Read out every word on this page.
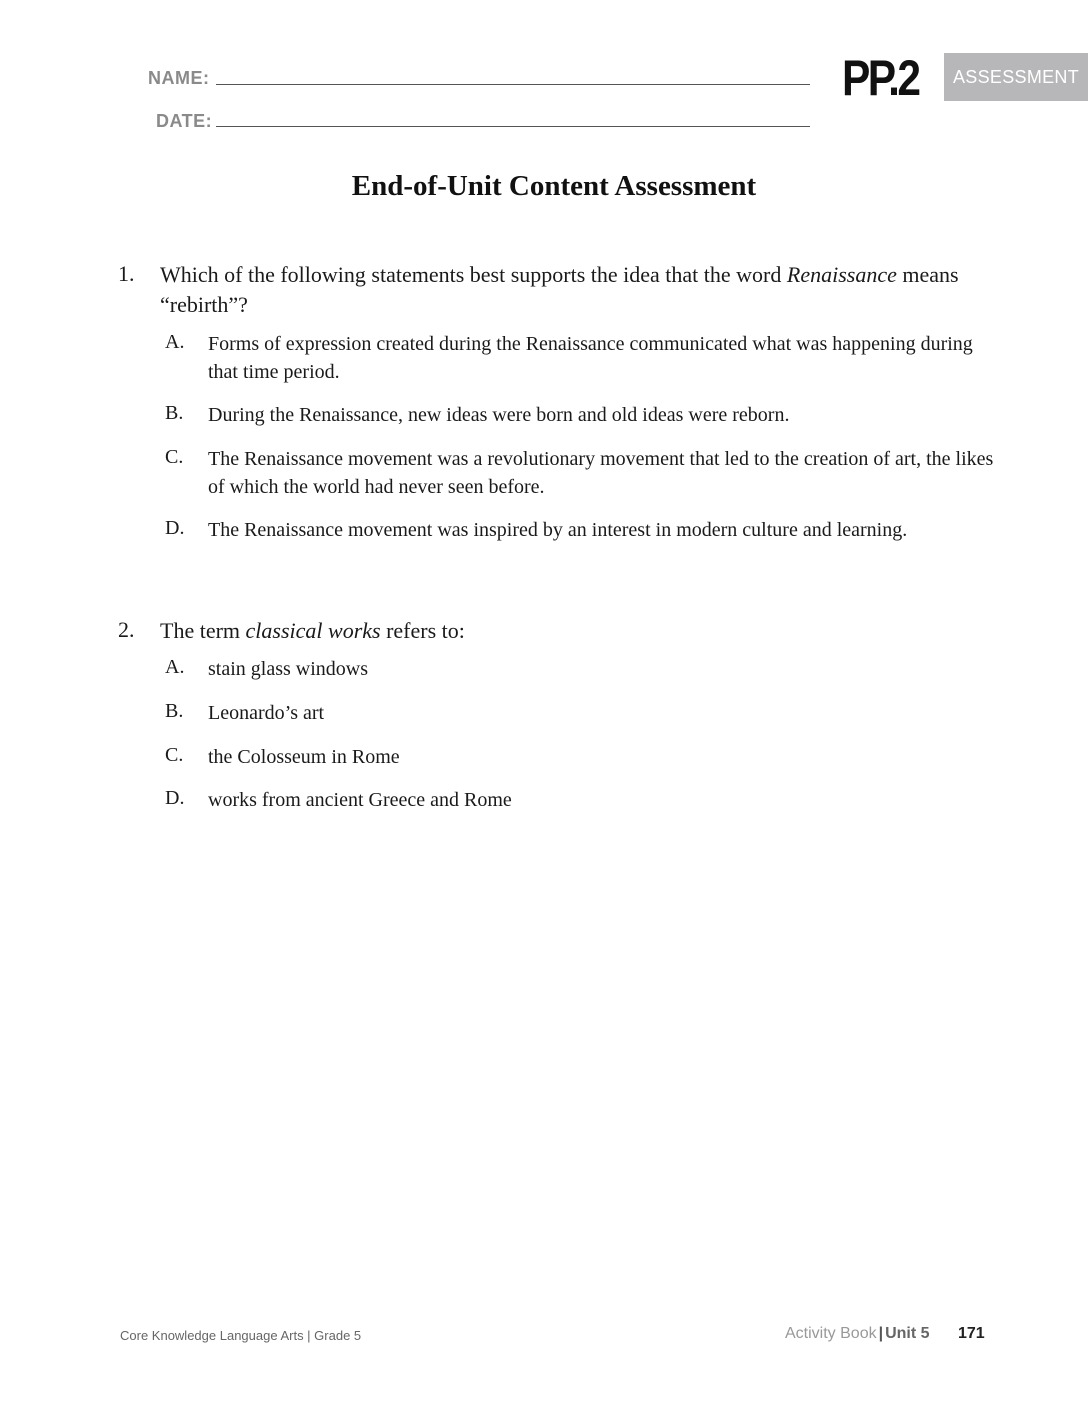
NAME:
DATE:
PP.2	ASSESSMENT
End-of-Unit Content Assessment
1. Which of the following statements best supports the idea that the word Renaissance means “rebirth”?
A. Forms of expression created during the Renaissance communicated what was happening during that time period.
B. During the Renaissance, new ideas were born and old ideas were reborn.
C. The Renaissance movement was a revolutionary movement that led to the creation of art, the likes of which the world had never seen before.
D. The Renaissance movement was inspired by an interest in modern culture and learning.
2. The term classical works refers to:
A. stain glass windows
B. Leonardo’s art
C. the Colosseum in Rome
D. works from ancient Greece and Rome
Core Knowledge Language Arts | Grade 5	Activity Book | Unit 5 171
